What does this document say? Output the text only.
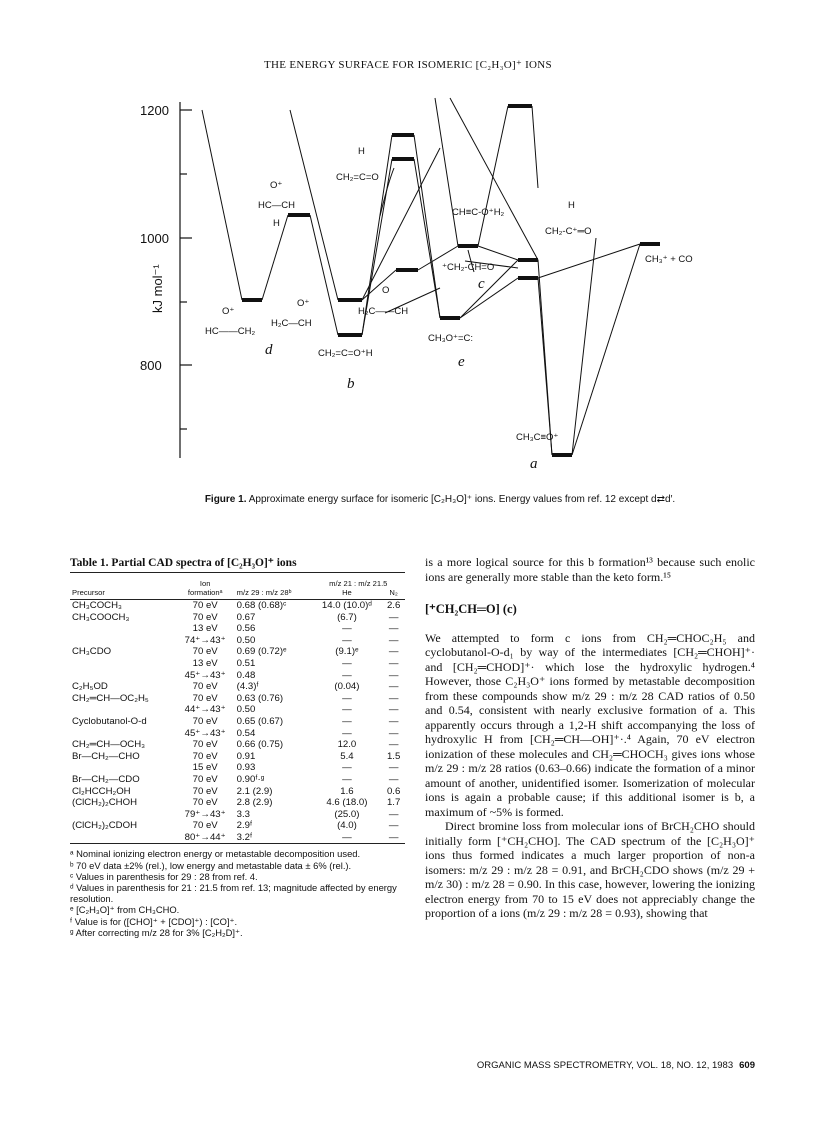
THE ENERGY SURFACE FOR ISOMERIC [C₂H₃O]⁺ IONS
1200
1000
800
kJ mol⁻¹
CH₂=C=O
H
HC—CH
O⁺
H
HC——CH₂
O⁺
H₂C—CH
O⁺
d	CH₂=C=O⁺H
b
H₂C——CH
O
CH≡C-O⁺H₂
⁺CH₂-CH=O
c
CH₃O⁺=C:
e
CH₂-C⁺═O
H
CH₃⁺ + CO
CH₃C≡O⁺
a
Figure 1. Approximate energy surface for isomeric [C₂H₃O]⁺ ions. Energy values from ref. 12 except d⇄d′.
Table 1. Partial CAD spectra of [C₂H₃O]⁺ ions
	Ion		m/z 21 : m/z 21.5	
Precursor	formationᵃ	m/z 29 : m/z 28ᵇ	He	N₂
CH₃COCH₃	70 eV	0.68 (0.68)ᶜ	14.0 (10.0)ᵈ	2.6
CH₃COOCH₃	70 eV	0.67	(6.7)	—
	13 eV	0.56	—	—
	74⁺→43⁺	0.50	—	—
CH₃CDO	70 eV	0.69 (0.72)ᵉ	(9.1)ᵉ	—
	13 eV	0.51	—	—
	45⁺→43⁺	0.48	—	—
C₂H₅OD	70 eV	(4.3)ᶠ	(0.04)	—
CH₂═CH—OC₂H₅	70 eV	0.63 (0.76)	—	—
	44⁺→43⁺	0.50	—	—
Cyclobutanol-O-d	70 eV	0.65 (0.67)	—	—
	45⁺→43⁺	0.54	—	—
CH₂═CH—OCH₃	70 eV	0.66 (0.75)	12.0	—
Br—CH₂—CHO	70 eV	0.91	5.4	1.5
	15 eV	0.93	—	—
Br—CH₂—CDO	70 eV	0.90ᶠ·ᵍ	—	—
Cl₂HCCH₂OH	70 eV	2.1 (2.9)	1.6	0.6
(ClCH₂)₂CHOH	70 eV	2.8 (2.9)	4.6 (18.0)	1.7
	79⁺→43⁺	3.3	(25.0)	—
(ClCH₂)₂CDOH	70 eV	2.9ᶠ	(4.0)	—
	80⁺→44⁺	3.2ᶠ	—	—
ᵃ Nominal ionizing electron energy or metastable decomposition used.
ᵇ 70 eV data ±2% (rel.), low energy and metastable data ± 6% (rel.).
ᶜ Values in parenthesis for 29 : 28 from ref. 4.
ᵈ Values in parenthesis for 21 : 21.5 from ref. 13; magnitude affected by energy resolution.
ᵉ [C₂H₃O]⁺ from CH₃CHO.
ᶠ Value is for ([CHO]⁺ + [CDO]⁺) : [CO]⁺.
ᵍ After correcting m/z 28 for 3% [C₂H₂D]⁺.

is a more logical source for this b formation¹³ because such enolic ions are generally more stable than the keto form.¹⁵

[⁺CH₂CH═O] (c)

We attempted to form c ions from CH₂═CHOC₂H₅ and cyclobutanol-O-d₁ by way of the intermediates [CH₂═CHOH]⁺· and [CH₂═CHOD]⁺· which lose the hydroxylic hydrogen.⁴ However, those C₂H₃O⁺ ions formed by metastable decomposition from these compounds show m/z 29 : m/z 28 CAD ratios of 0.50 and 0.54, consistent with nearly exclusive formation of a. This apparently occurs through a 1,2-H shift accompanying the loss of hydroxylic H from [CH₂═CH—OH]⁺·.⁴ Again, 70 eV electron ionization of these molecules and CH₂═CHOCH₃ gives ions whose m/z 29 : m/z 28 ratios (0.63–0.66) indicate the formation of a minor amount of another, unidentified isomer. Isomerization of molecular ions is again a probable cause; if this additional isomer is b, a maximum of ~5% is formed.

Direct bromine loss from molecular ions of BrCH₂CHO should initially form [⁺CH₂CHO]. The CAD spectrum of the [C₂H₃O]⁺ ions thus formed indicates a much larger proportion of non-a isomers: m/z 29 : m/z 28 = 0.91, and BrCH₂CDO shows (m/z 29 + m/z 30) : m/z 28 = 0.90. In this case, however, lowering the ionizing electron energy from 70 to 15 eV does not appreciably change the proportion of a ions (m/z 29 : m/z 28 = 0.93), showing that

ORGANIC MASS SPECTROMETRY, VOL. 18, NO. 12, 1983 609
